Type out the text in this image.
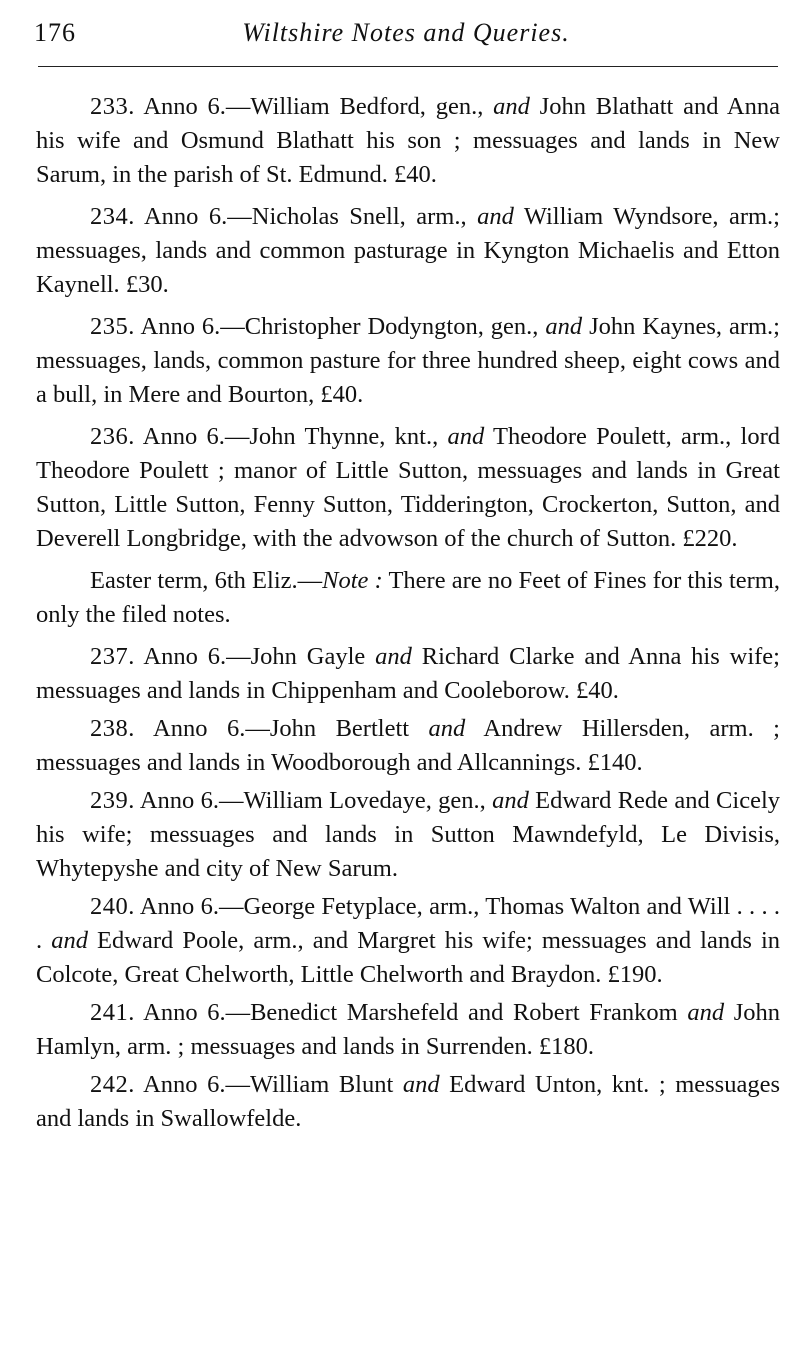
176	Wiltshire Notes and Queries.

233. Anno 6.—William Bedford, gen., and John Blathatt and Anna his wife and Osmund Blathatt his son ; messuages and lands in New Sarum, in the parish of St. Edmund. £40.

234. Anno 6.—Nicholas Snell, arm., and William Wyndsore, arm.; messuages, lands and common pasturage in Kyngton Michaelis and Etton Kaynell. £30.

235. Anno 6.—Christopher Dodyngton, gen., and John Kaynes, arm.; messuages, lands, common pasture for three hundred sheep, eight cows and a bull, in Mere and Bourton, £40.

236. Anno 6.—John Thynne, knt., and Theodore Poulett, arm., lord Theodore Poulett ; manor of Little Sutton, messuages and lands in Great Sutton, Little Sutton, Fenny Sutton, Tidderington, Crockerton, Sutton, and Deverell Longbridge, with the advowson of the church of Sutton. £220.

Easter term, 6th Eliz.—Note : There are no Feet of Fines for this term, only the filed notes.

237. Anno 6.—John Gayle and Richard Clarke and Anna his wife; messuages and lands in Chippenham and Cooleborow. £40.

238. Anno 6.—John Bertlett and Andrew Hillersden, arm. ; messuages and lands in Woodborough and Allcannings. £140.

239. Anno 6.—William Lovedaye, gen., and Edward Rede and Cicely his wife; messuages and lands in Sutton Mawndefyld, Le Divisis, Whytepyshe and city of New Sarum.

240. Anno 6.—George Fetyplace, arm., Thomas Walton and Will . . . . . and Edward Poole, arm., and Margret his wife; messuages and lands in Colcote, Great Chelworth, Little Chelworth and Braydon. £190.

241. Anno 6.—Benedict Marshefeld and Robert Frankom and John Hamlyn, arm. ; messuages and lands in Surrenden. £180.

242. Anno 6.—William Blunt and Edward Unton, knt. ; messuages and lands in Swallowfelde.
